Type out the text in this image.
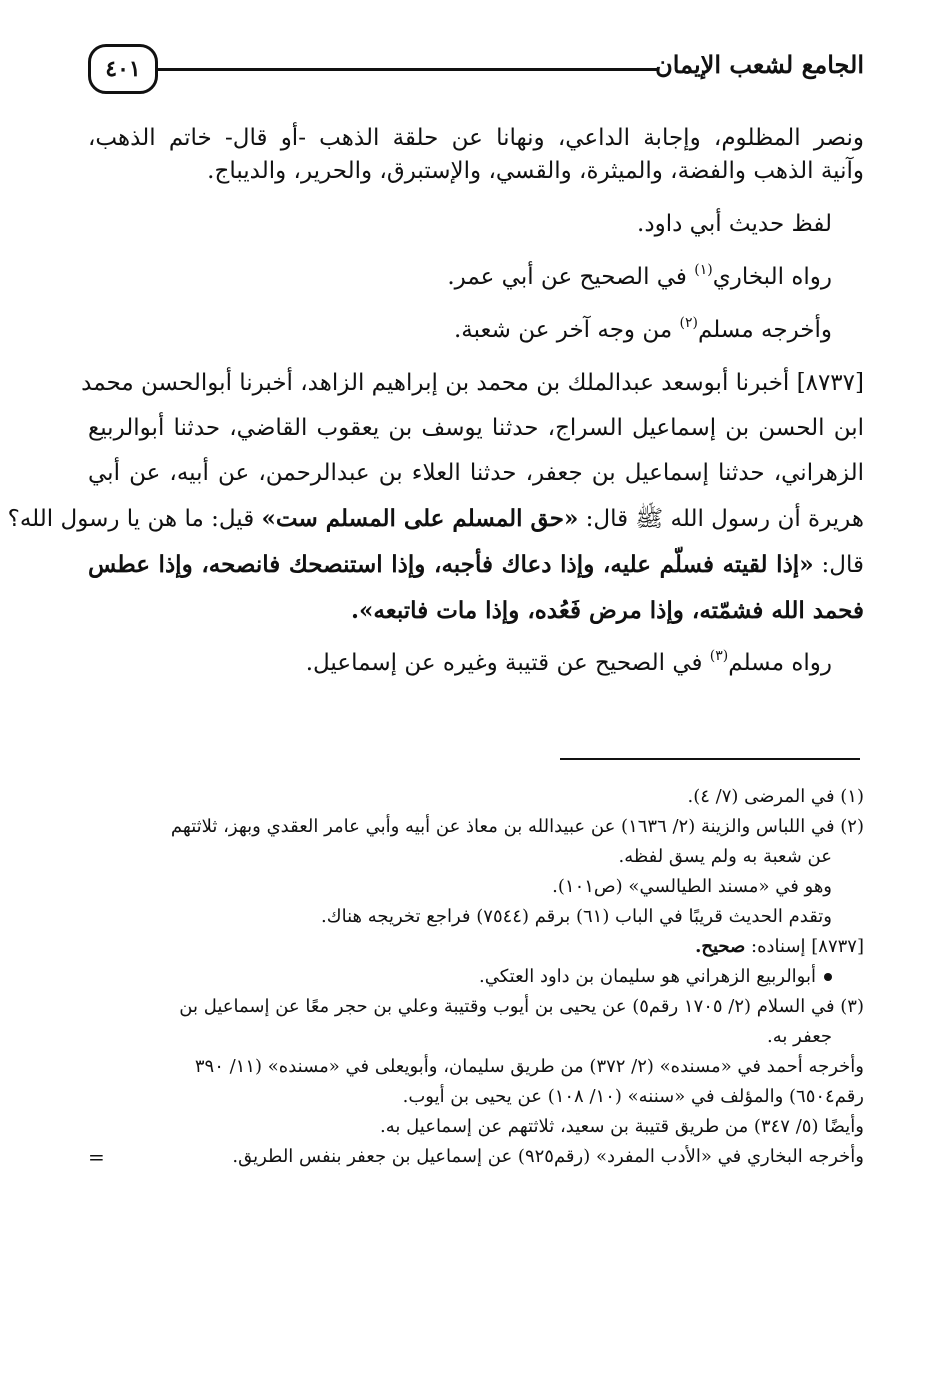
٤٠١	الجامع لشعب الإيمان
ونصر المظلوم، وإجابة الداعي، ونهانا عن حلقة الذهب -أو قال- خاتم الذهب،
وآنية الذهب والفضة، والميثرة، والقسي، والإستبرق، والحرير، والديباج.
لفظ حديث أبي داود.
رواه البخاري$^{(١)}$ في الصحيح عن أبي عمر.
وأخرجه مسلم$^{(٢)}$ من وجه آخر عن شعبة.
[٨٧٣٧] أخبرنا أبوسعد عبدالملك بن محمد بن إبراهيم الزاهد، أخبرنا أبوالحسن محمد
ابن الحسن بن إسماعيل السراج، حدثنا يوسف بن يعقوب القاضي، حدثنا أبوالربيع
الزهراني، حدثنا إسماعيل بن جعفر، حدثنا العلاء بن عبدالرحمن، عن أبيه، عن أبي
هريرة أن رسول الله ﷺ قال: «حق المسلم على المسلم ست» قيل: ما هن يا رسول الله؟
قال: «إذا لقيته فسلّم عليه، وإذا دعاك فأجبه، وإذا استنصحك فانصحه، وإذا عطس
فحمد الله فشمّته، وإذا مرض فَعُده، وإذا مات فاتبعه».
رواه مسلم$^{(٣)}$ في الصحيح عن قتيبة وغيره عن إسماعيل.
(١) في المرضى (٧/ ٤).
(٢) في اللباس والزينة (٢/ ١٦٣٦) عن عبيدالله بن معاذ عن أبيه وأبي عامر العقدي وبهز، ثلاثتهم
عن شعبة به ولم يسق لفظه.
وهو في «مسند الطيالسي» (ص١٠١).
وتقدم الحديث قريبًا في الباب (٦١) برقم (٧٥٤٤) فراجع تخريجه هناك.
[٨٧٣٧] إسناده: صحيح.
أبوالربيع الزهراني هو سليمان بن داود العتكي.
(٣) في السلام (٢/ ١٧٠٥ رقم٥) عن يحيى بن أيوب وقتيبة وعلي بن حجر معًا عن إسماعيل بن
جعفر به.
وأخرجه أحمد في «مسنده» (٢/ ٣٧٢) من طريق سليمان، وأبويعلى في «مسنده» (١١/ ٣٩٠
رقم٦٥٠٤) والمؤلف في «سننه» (١٠/ ١٠٨) عن يحيى بن أيوب.
وأيضًا (٥/ ٣٤٧) من طريق قتيبة بن سعيد، ثلاثتهم عن إسماعيل به.
وأخرجه البخاري في «الأدب المفرد» (رقم٩٢٥) عن إسماعيل بن جعفر بنفس الطريق.
=
